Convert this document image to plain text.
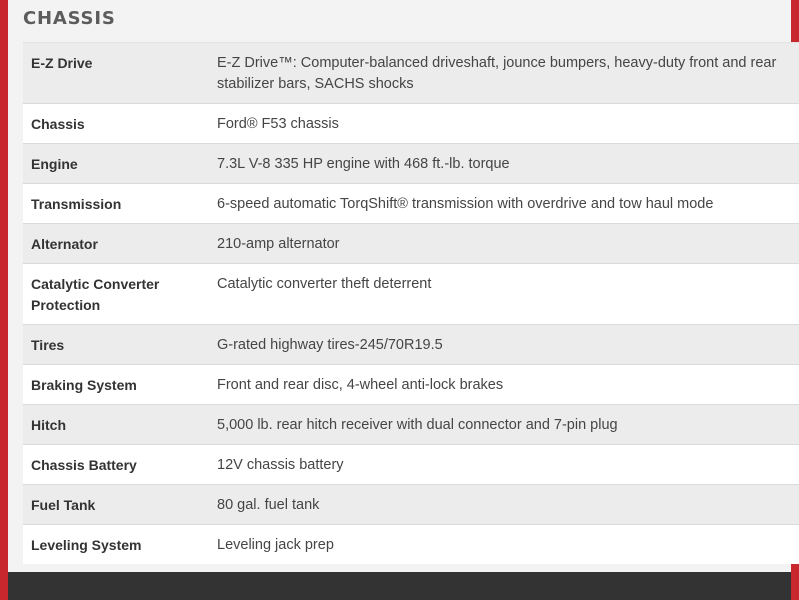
CHASSIS
E-Z Drive	E-Z Drive™: Computer-balanced driveshaft, jounce bumpers, heavy-duty front and rear stabilizer bars, SACHS shocks
Chassis	Ford® F53 chassis
Engine	7.3L V-8 335 HP engine with 468 ft.-lb. torque
Transmission	6-speed automatic TorqShift® transmission with overdrive and tow haul mode
Alternator	210-amp alternator
Catalytic Converter Protection	Catalytic converter theft deterrent
Tires	G-rated highway tires-245/70R19.5
Braking System	Front and rear disc, 4-wheel anti-lock brakes
Hitch	5,000 lb. rear hitch receiver with dual connector and 7-pin plug
Chassis Battery	12V chassis battery
Fuel Tank	80 gal. fuel tank
Leveling System	Leveling jack prep
